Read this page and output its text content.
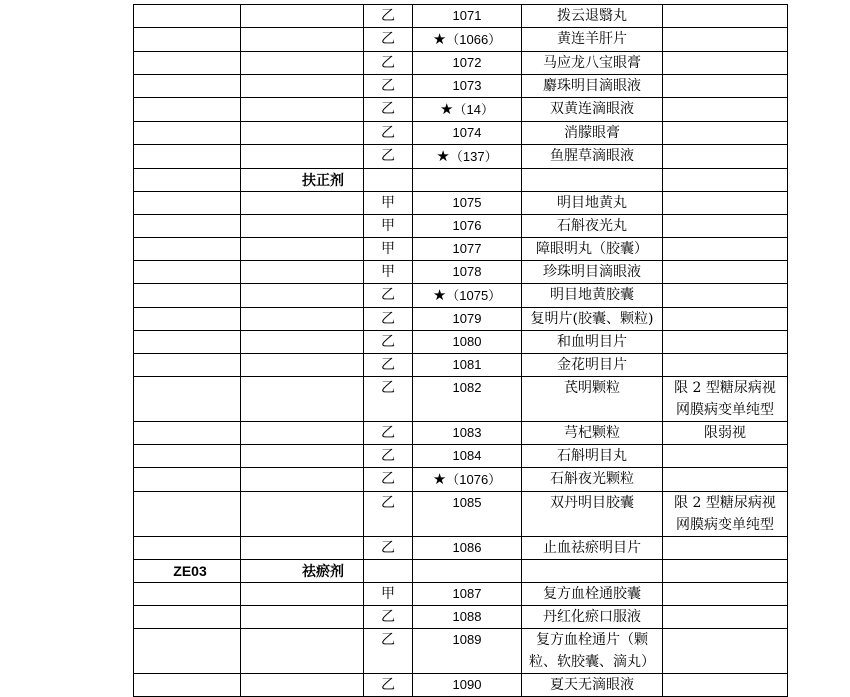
		乙	1071	拨云退翳丸	

		乙	★（1066）	黄连羊肝片	

		乙	1072	马应龙八宝眼膏	

		乙	1073	麝珠明目滴眼液	

		乙	★（14）	双黄连滴眼液	

		乙	1074	消朦眼膏	

		乙	★（137）	鱼腥草滴眼液	

	扶正剂				
		甲	1075	明目地黄丸	

		甲	1076	石斛夜光丸	

		甲	1077	障眼明丸（胶囊）	

		甲	1078	珍珠明目滴眼液	

		乙	★（1075）	明目地黄胶囊	

		乙	1079	复明片(胶囊、颗粒)	

		乙	1080	和血明目片	

		乙	1081	金花明目片	

		乙	1082	芪明颗粒	限 2 型糖尿病视
网膜病变单纯型

		乙	1083	芎杞颗粒	限弱视

		乙	1084	石斛明目丸	

		乙	★（1076）	石斛夜光颗粒	

		乙	1085	双丹明目胶囊	限 2 型糖尿病视
网膜病变单纯型

		乙	1086	止血祛瘀明目片	

ZE03	祛瘀剂				
		甲	1087	复方血栓通胶囊	

		乙	1088	丹红化瘀口服液	

		乙	1089	复方血栓通片（颗
粒、软胶囊、滴丸）	

		乙	1090	夏天无滴眼液	
